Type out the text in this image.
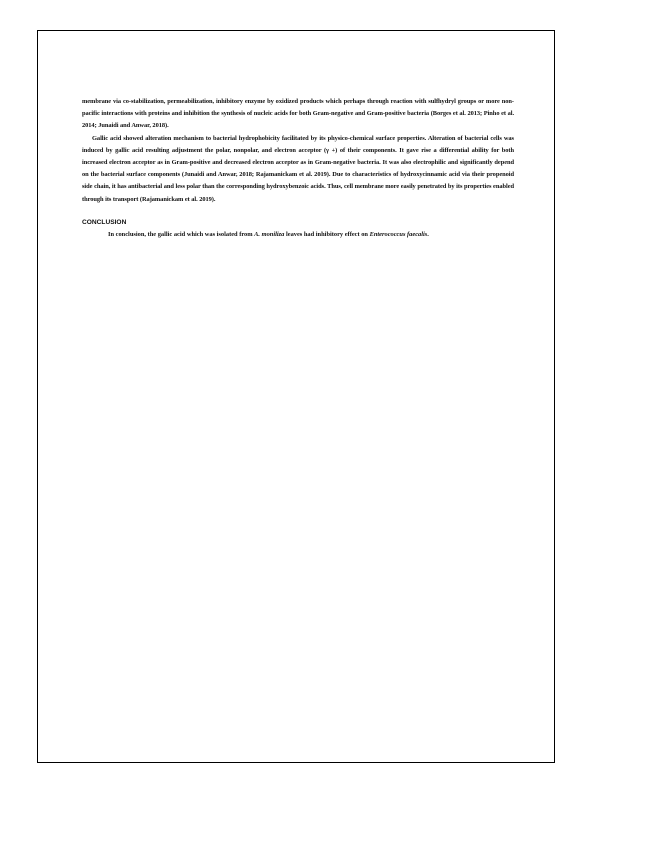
membrane via co-stabilization, permeabilization, inhibitory enzyme by oxidized products which perhaps through reaction with sulfhydryl groups or more non-pacific interactions with proteins and inhibition the synthesis of nucleic acids for both Gram-negative and Gram-positive bacteria (Borges et al. 2013; Pinho et al. 2014; Junaidi and Anwar, 2018).

Gallic acid showed alteration mechanism to bacterial hydrophobicity facilitated by its physico-chemical surface properties. Alteration of bacterial cells was induced by gallic acid resulting adjustment the polar, nonpolar, and electron acceptor (γ +) of their components. It gave rise a differential ability for both increased electron acceptor as in Gram-positive and decreased electron acceptor as in Gram-negative bacteria. It was also electrophilic and significantly depend on the bacterial surface components (Junaidi and Anwar, 2018; Rajamanickam et al. 2019). Due to characteristics of hydroxycinnamic acid via their propenoid side chain, it has antibacterial and less polar than the corresponding hydroxybenzoic acids. Thus, cell membrane more easily penetrated by its properties enabled through its transport (Rajamanickam et al. 2019).

CONCLUSION

In conclusion, the gallic acid which was isolated from A. moniliza leaves had inhibitory effect on Enterococcus faecalis.
